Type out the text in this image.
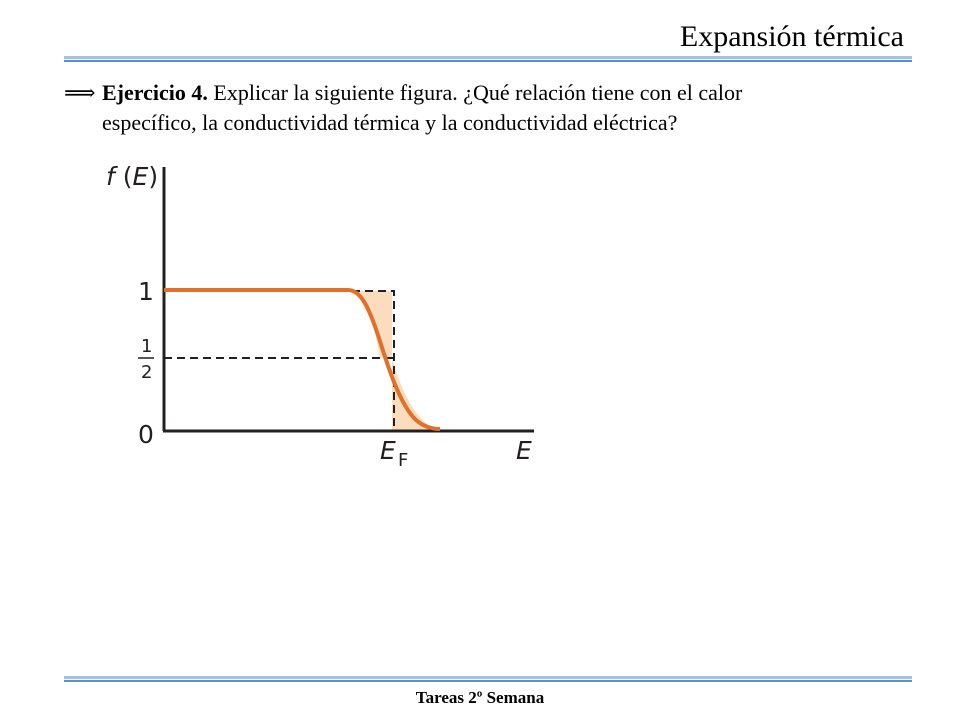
Expansión térmica
⟹ Ejercicio 4. Explicar la siguiente figura. ¿Qué relación tiene con el calor específico, la conductividad térmica y la conductividad eléctrica?
f (E)
1
1
2
0
E F	E
Tareas 2º Semana
